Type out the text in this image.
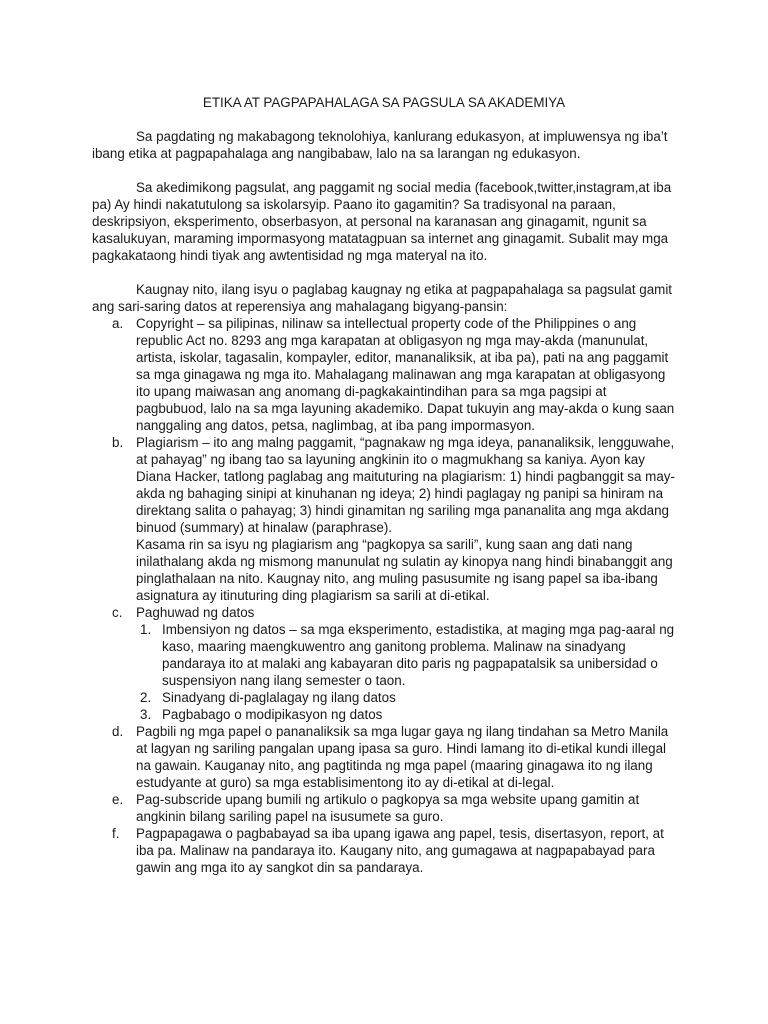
ETIKA AT PAGPAPAHALAGA SA PAGSULA SA AKADEMIYA

Sa pagdating ng makabagong teknolohiya, kanlurang edukasyon, at impluwensya ng iba’t ibang etika at pagpapahalaga ang nangibabaw, lalo na sa larangan ng edukasyon.

Sa akedimikong pagsulat, ang paggamit ng social media (facebook,twitter,instagram,at iba pa) Ay hindi nakatutulong sa iskolarsyip. Paano ito gagamitin? Sa tradisyonal na paraan, deskripsiyon, eksperimento, obserbasyon, at personal na karanasan ang ginagamit, ngunit sa kasalukuyan, maraming impormasyong matatagpuan sa internet ang ginagamit. Subalit may mga pagkakataong hindi tiyak ang awtentisidad ng mga materyal na ito.

Kaugnay nito, ilang isyu o paglabag kaugnay ng etika at pagpapahalaga sa pagsulat gamit ang sari-saring datos at reperensiya ang mahalagang bigyang-pansin:

a. Copyright – sa pilipinas, nilinaw sa intellectual property code of the Philippines o ang republic Act no. 8293 ang mga karapatan at obligasyon ng mga may-akda (manunulat, artista, iskolar, tagasalin, kompayler, editor, mananaliksik, at iba pa), pati na ang paggamit sa mga ginagawa ng mga ito. Mahalagang malinawan ang mga karapatan at obligasyong ito upang maiwasan ang anomang di-pagkakaintindihan para sa mga pagsipi at pagbubuod, lalo na sa mga layuning akademiko. Dapat tukuyin ang may-akda o kung saan nanggaling ang datos, petsa, naglimbag, at iba pang impormasyon.
b. Plagiarism – ito ang malng paggamit, “pagnakaw ng mga ideya, pananaliksik, lengguwahe, at pahayag” ng ibang tao sa layuning angkinin ito o magmukhang sa kaniya. Ayon kay Diana Hacker, tatlong paglabag ang maituturing na plagiarism: 1) hindi pagbanggit sa may-akda ng bahaging sinipi at kinuhanan ng ideya; 2) hindi paglagay ng panipi sa hiniram na direktang salita o pahayag; 3) hindi ginamitan ng sariling mga pananalita ang mga akdang binuod (summary) at hinalaw (paraphrase).
Kasama rin sa isyu ng plagiarism ang “pagkopya sa sarili”, kung saan ang dati nang inilathalang akda ng mismong manunulat ng sulatin ay kinopya nang hindi binabanggit ang pinglathalaan na nito. Kaugnay nito, ang muling pasusumite ng isang papel sa iba-ibang asignatura ay itinuturing ding plagiarism sa sarili at di-etikal.
c. Paghuwad ng datos
1. Imbensiyon ng datos – sa mga eksperimento, estadistika, at maging mga pag-aaral ng kaso, maaring maengkuwentro ang ganitong problema. Malinaw na sinadyang pandaraya ito at malaki ang kabayaran dito paris ng pagpapatalsik sa unibersidad o suspensiyon nang ilang semester o taon.
2. Sinadyang di-paglalagay ng ilang datos
3. Pagbabago o modipikasyon ng datos
d. Pagbili ng mga papel o pananaliksik sa mga lugar gaya ng ilang tindahan sa Metro Manila at lagyan ng sariling pangalan upang ipasa sa guro. Hindi lamang ito di-etikal kundi illegal na gawain. Kauganay nito, ang pagtitinda ng mga papel (maaring ginagawa ito ng ilang estudyante at guro) sa mga establisimentong ito ay di-etikal at di-legal.
e. Pag-subscride upang bumili ng artikulo o pagkopya sa mga website upang gamitin at angkinin bilang sariling papel na isusumete sa guro.
f. Pagpapagawa o pagbabayad sa iba upang igawa ang papel, tesis, disertasyon, report, at iba pa. Malinaw na pandaraya ito. Kaugany nito, ang gumagawa at nagpapabayad para gawin ang mga ito ay sangkot din sa pandaraya.
